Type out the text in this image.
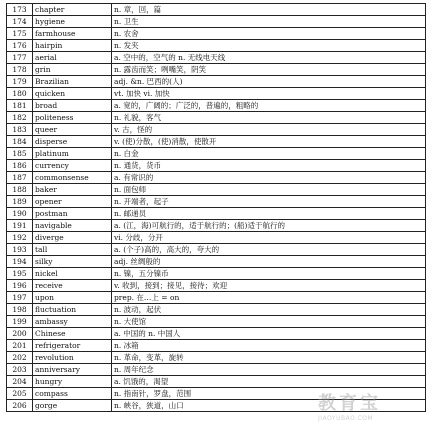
173	chapter	n. 章，回，篇
174	hygiene	n. 卫生
175	farmhouse	n. 农舍
176	hairpin	n. 发夹
177	aerial	a. 空中的，空气的 n. 无线电天线
178	grin	n. 露齿而笑；咧嘴笑，阴笑
179	Brazilian	adj. &n. 巴西的(人)
180	quicken	vt. 加快 vi. 加快
181	broad	a. 宽的，广阔的；广泛的，普遍的，粗略的
182	politeness	n. 礼貌，客气
183	queer	v. 古，怪的
184	disperse	v. (使)分散，(使)消散，使散开
185	platinum	n. 白金
186	currency	n. 通货，货币
187	commonsense	a. 有常识的
188	baker	n. 面包师
189	opener	n. 开端者，起子
190	postman	n. 邮递员
191	navigable	a. (江，海)可航行的，适于航行的；(船)适于航行的
192	diverge	vi. 分歧，分开
193	tall	a. (个子)高的，高大的，夸大的
194	silky	adj. 丝绸般的
195	nickel	n. 镍，五分镍币
196	receive	v. 收到，接到；接见，接待；欢迎
197	upon	prep. 在…上 = on
198	fluctuation	n. 波动，起伏
199	ambassy	n. 大使馆
200	Chinese	a. 中国的 n. 中国人
201	refrigerator	n. 冰箱
202	revolution	n. 革命，变革，旋转
203	anniversary	n. 周年纪念
204	hungry	a. 饥饿的，渴望
205	compass	n. 指南针，罗盘，范围
206	gorge	n. 峡谷，狭道，山口	教育宝
JIAOYUBAO.COM
